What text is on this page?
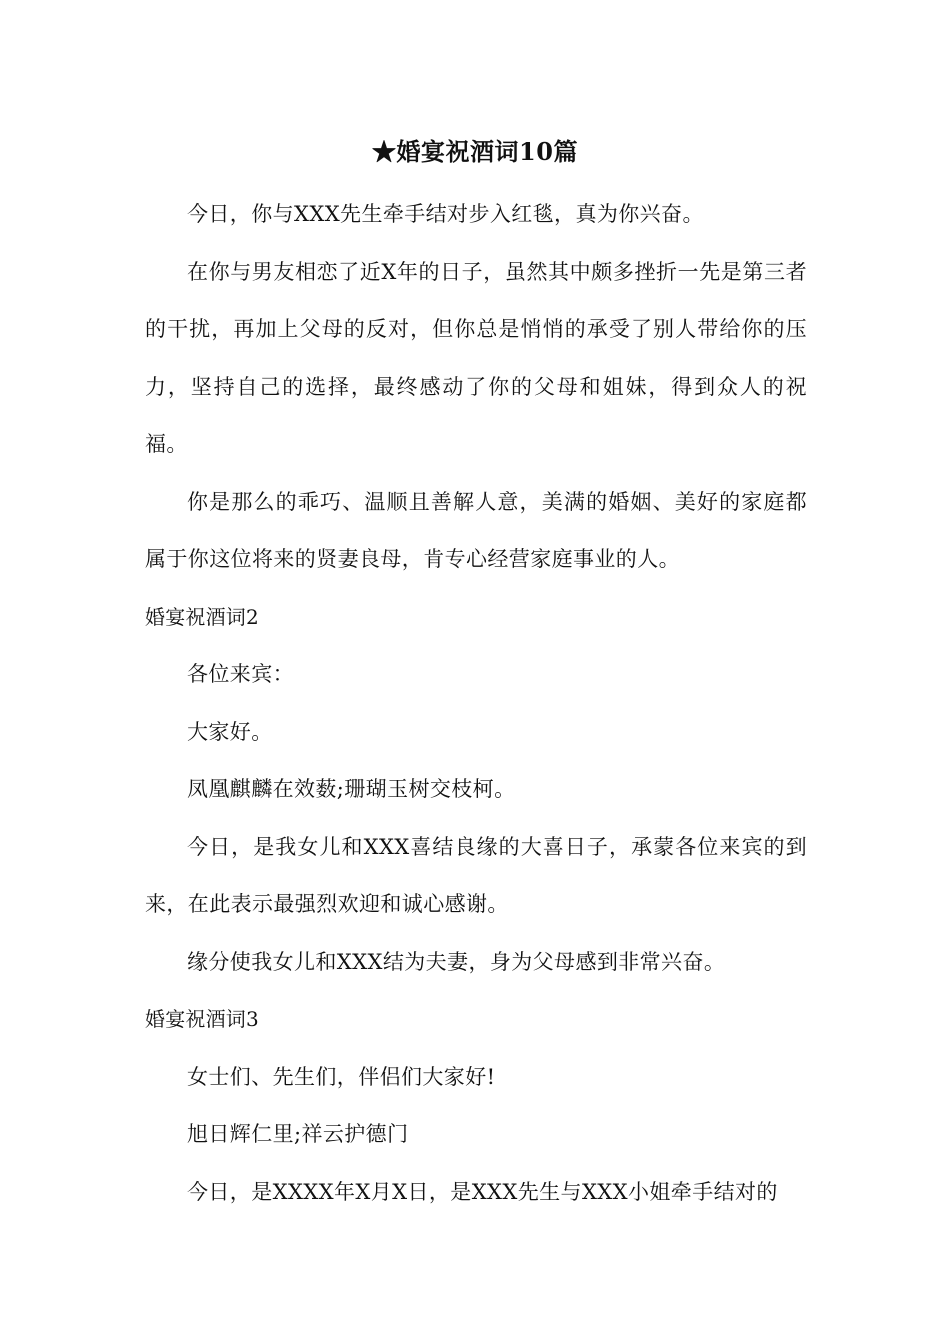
★婚宴祝酒词10篇

今日，你与XXX先生牵手结对步入红毯，真为你兴奋。

在你与男友相恋了近X年的日子，虽然其中颇多挫折一先是第三者的干扰，再加上父母的反对，但你总是悄悄的承受了别人带给你的压力，坚持自己的选择，最终感动了你的父母和姐妹，得到众人的祝福。

你是那么的乖巧、温顺且善解人意，美满的婚姻、美好的家庭都属于你这位将来的贤妻良母，肯专心经营家庭事业的人。

婚宴祝酒词2

各位来宾：

大家好。

凤凰麒麟在效薮;珊瑚玉树交枝柯。

今日，是我女儿和XXX喜结良缘的大喜日子，承蒙各位来宾的到来，在此表示最强烈欢迎和诚心感谢。

缘分使我女儿和XXX结为夫妻，身为父母感到非常兴奋。

婚宴祝酒词3

女士们、先生们，伴侣们大家好!

旭日辉仁里;祥云护德门

今日，是XXXX年X月X日，是XXX先生与XXX小姐牵手结对的
